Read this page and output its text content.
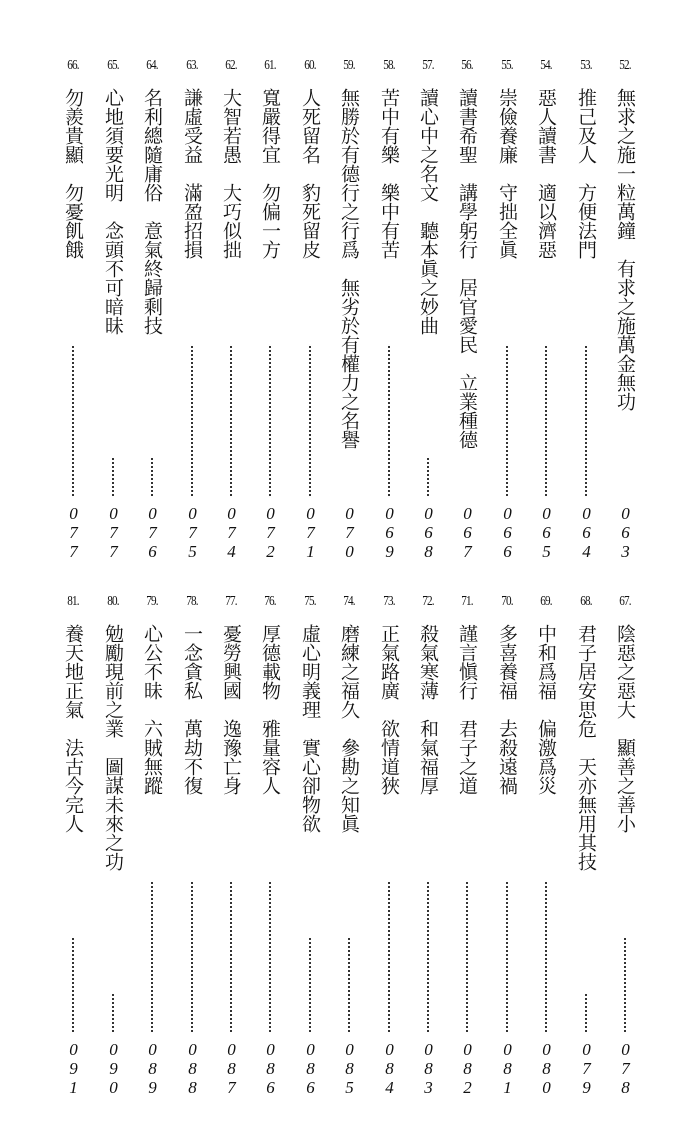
52.
無求之施一粒萬鐘　有求之施萬金無功
063
53.
推己及人　方便法門
064
54.
惡人讀書　適以濟惡
065
55.
崇儉養廉　守拙全眞
066
56.
讀書希聖　講學躬行　居官愛民　立業種德
067
57.
讀心中之名文　聽本眞之妙曲
068
58.
苦中有樂　樂中有苦
069
59.
無勝於有德行之行爲　無劣於有權力之名譽
070
60.
人死留名　豹死留皮
071
61.
寬嚴得宜　勿偏一方
072
62.
大智若愚　大巧似拙
074
63.
謙虛受益　滿盈招損
075
64.
名利總隨庸俗　意氣終歸剩技
076
65.
心地須要光明　念頭不可暗昧
077
66.
勿羨貴顯　勿憂飢餓
077
67.
陰惡之惡大　顯善之善小
078
68.
君子居安思危　天亦無用其技
079
69.
中和爲福　偏激爲災
080
70.
多喜養福　去殺遠禍
081
71.
謹言愼行　君子之道
082
72.
殺氣寒薄　和氣福厚
083
73.
正氣路廣　欲情道狹
084
74.
磨練之福久　參勘之知眞
085
75.
虛心明義理　實心卻物欲
086
76.
厚德載物　雅量容人
086
77.
憂勞興國　逸豫亡身
087
78.
一念貪私　萬劫不復
088
79.
心公不昧　六賊無蹤
089
80.
勉勵現前之業　圖謀未來之功
090
81.
養天地正氣　法古今完人
091
